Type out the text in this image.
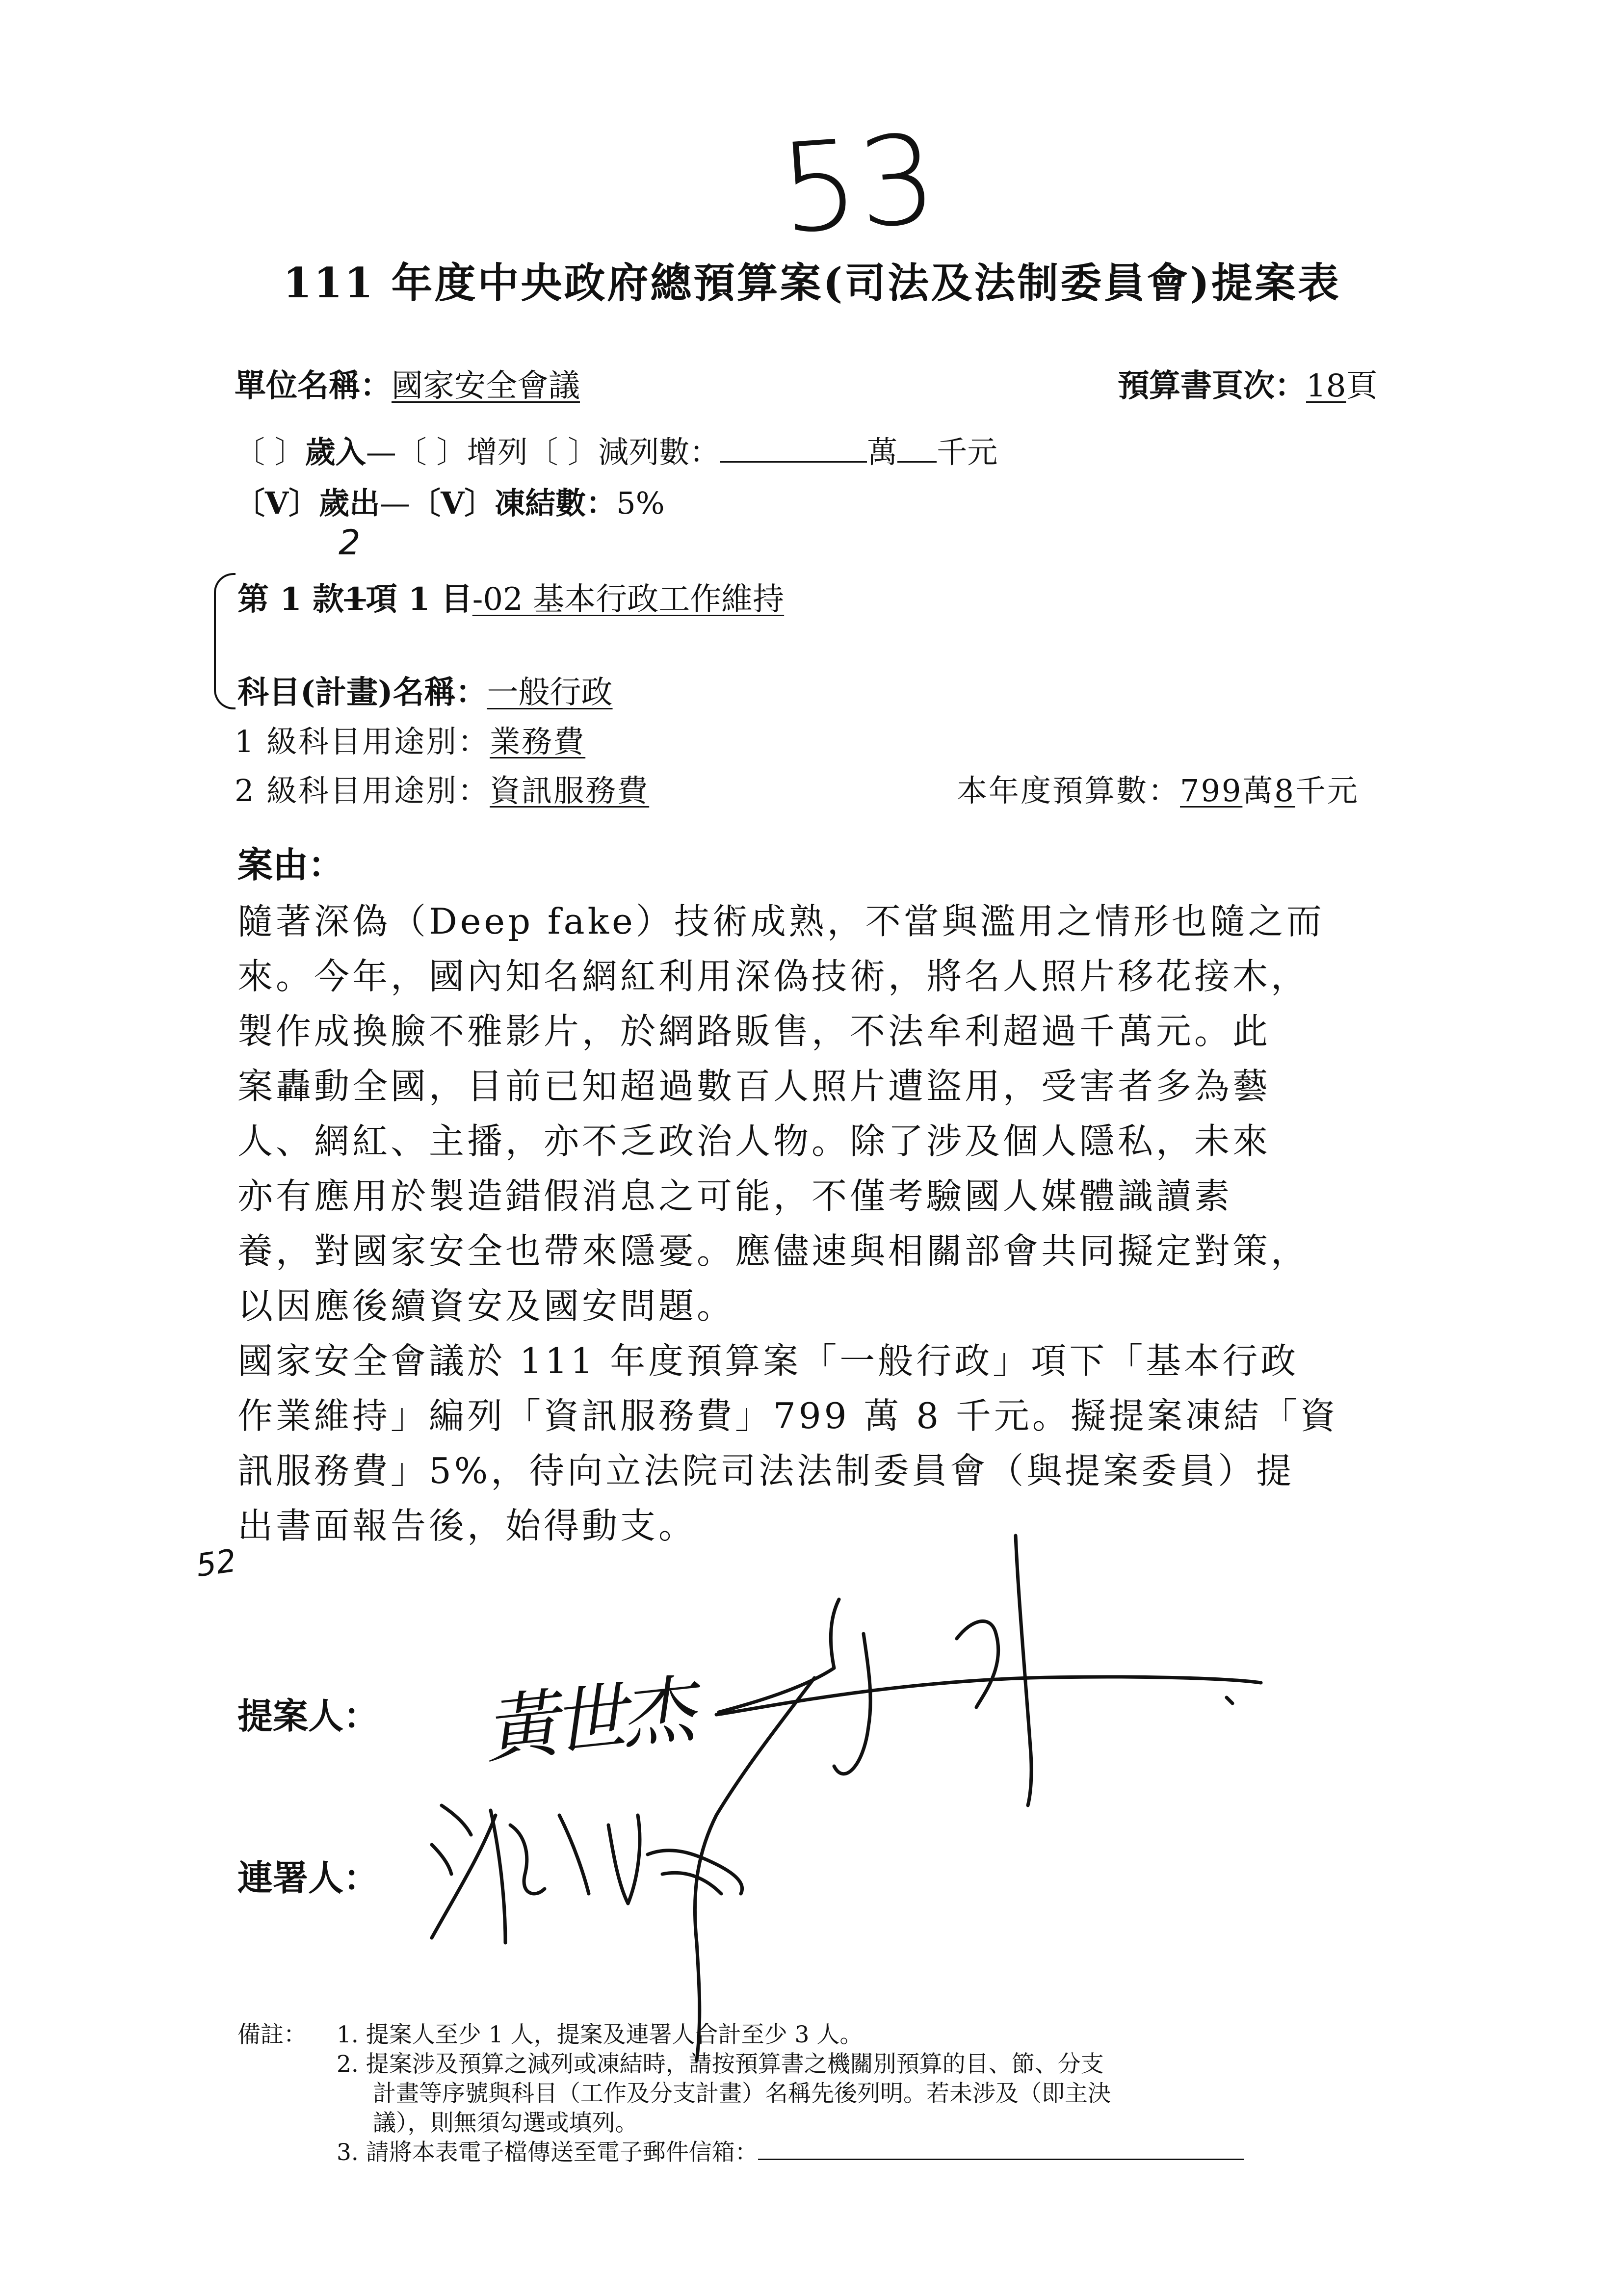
53
111 年度中央政府總預算案(司法及法制委員會)提案表
單位名稱：國家安全會議	預算書頁次：18頁
〔 〕歲入—〔 〕增列〔 〕減列數：	萬 千元
〔V〕歲出—〔V〕凍結數：5%
2
第 1 款1項 1 目-02 基本行政工作維持
科目(計畫)名稱：一般行政
1 級科目用途別：業務費
2 級科目用途別：資訊服務費	本年度預算數：799萬8千元
案由：
隨著深偽（Deep fake）技術成熟，不當與濫用之情形也隨之而
來。今年，國內知名網紅利用深偽技術，將名人照片移花接木，
製作成換臉不雅影片，於網路販售，不法牟利超過千萬元。此
案轟動全國，目前已知超過數百人照片遭盜用，受害者多為藝
人、網紅、主播，亦不乏政治人物。除了涉及個人隱私，未來
亦有應用於製造錯假消息之可能，不僅考驗國人媒體識讀素
養，對國家安全也帶來隱憂。應儘速與相關部會共同擬定對策，
以因應後續資安及國安問題。
國家安全會議於 111 年度預算案「一般行政」項下「基本行政
作業維持」編列「資訊服務費」799 萬 8 千元。擬提案凍結「資
訊服務費」5%，待向立法院司法法制委員會（與提案委員）提
出書面報告後，始得動支。
52
提案人：
連署人：
黃世杰
備註： 1. 提案人至少 1 人，提案及連署人合計至少 3 人。
2. 提案涉及預算之減列或凍結時，請按預算書之機關別預算的目、節、分支
計畫等序號與科目（工作及分支計畫）名稱先後列明。若未涉及（即主決
議），則無須勾選或填列。
3. 請將本表電子檔傳送至電子郵件信箱：
